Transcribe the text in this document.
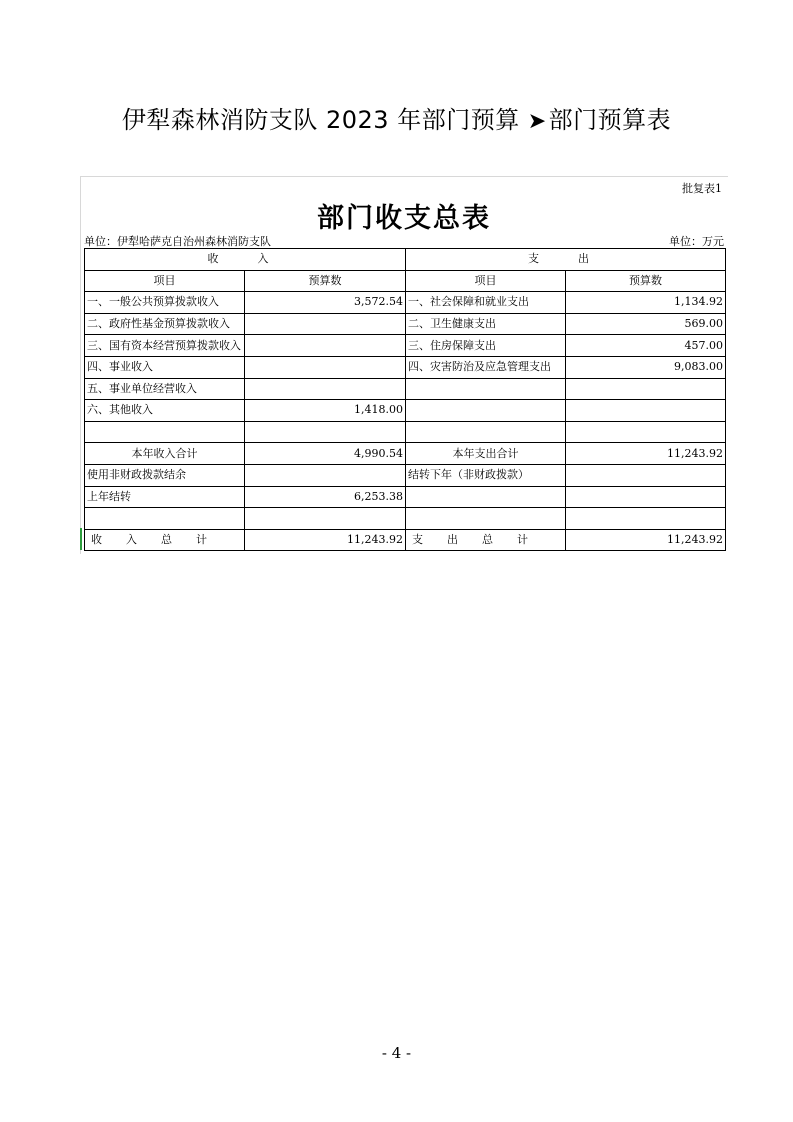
伊犁森林消防支队 2023 年部门预算 ➤部门预算表
批复表1
部门收支总表
单位：伊犁哈萨克自治州森林消防支队	单位：万元
收　入		支　出	
项目	预算数	项目	预算数
一、一般公共预算拨款收入	3,572.54	一、社会保障和就业支出	1,134.92
二、政府性基金预算拨款收入		二、卫生健康支出	569.00
三、国有资本经营预算拨款收入		三、住房保障支出	457.00
四、事业收入		四、灾害防治及应急管理支出	9,083.00
五、事业单位经营收入			
六、其他收入	1,418.00		

本年收入合计	4,990.54	本年支出合计	11,243.92
使用非财政拨款结余		结转下年（非财政拨款）	
上年结转	6,253.38		

收入总计	11,243.92	支出总计	11,243.92
- 4 -
